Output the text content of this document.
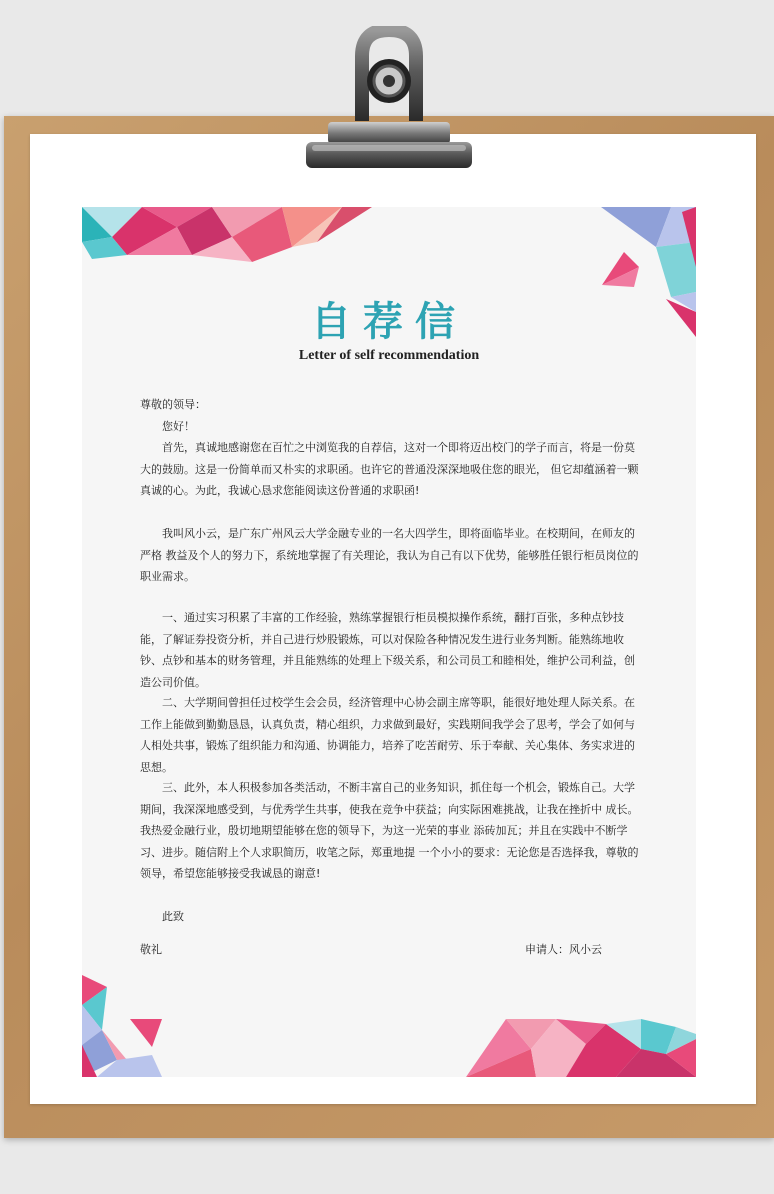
自荐信
Letter of self recommendation

尊敬的领导：

您好！

首先，真诚地感谢您在百忙之中浏览我的自荐信，这对一个即将迈出校门的学子而言，将是一份莫大的鼓励。这是一份简单而又朴实的求职函。也许它的普通没深深地吸住您的眼光， 但它却蕴涵着一颗真诚的心。为此，我诚心恳求您能阅读这份普通的求职函!

我叫风小云，是广东广州风云大学金融专业的一名大四学生，即将面临毕业。在校期间，在师友的严格 教益及个人的努力下，系统地掌握了有关理论，我认为自己有以下优势，能够胜任银行柜员岗位的职业需求。

一、通过实习积累了丰富的工作经验，熟练掌握银行柜员模拟操作系统，翻打百张，多种点钞技能，了解证券投资分析，并自己进行炒股锻炼，可以对保险各种情况发生进行业务判断。能熟练地收钞、点钞和基本的财务管理，并且能熟练的处理上下级关系，和公司员工和睦相处，维护公司利益，创造公司价值。

二、大学期间曾担任过校学生会会员，经济管理中心协会副主席等职，能很好地处理人际关系。在工作上能做到勤勤恳恳，认真负责，精心组织，力求做到最好，实践期间我学会了思考，学会了如何与人相处共事，锻炼了组织能力和沟通、协调能力，培养了吃苦耐劳、乐于奉献、关心集体、务实求进的思想。

三、此外，本人积极参加各类活动，不断丰富自己的业务知识，抓住每一个机会，锻炼自己。大学期间，我深深地感受到，与优秀学生共事，使我在竞争中获益；向实际困难挑战，让我在挫折中 成长。我热爱金融行业，殷切地期望能够在您的领导下，为这一光荣的事业 添砖加瓦；并且在实践中不断学习、进步。随信附上个人求职简历，收笔之际，郑重地提 一个小小的要求：无论您是否选择我，尊敬的领导，希望您能够接受我诚恳的谢意!

此致

敬礼	申请人：风小云
